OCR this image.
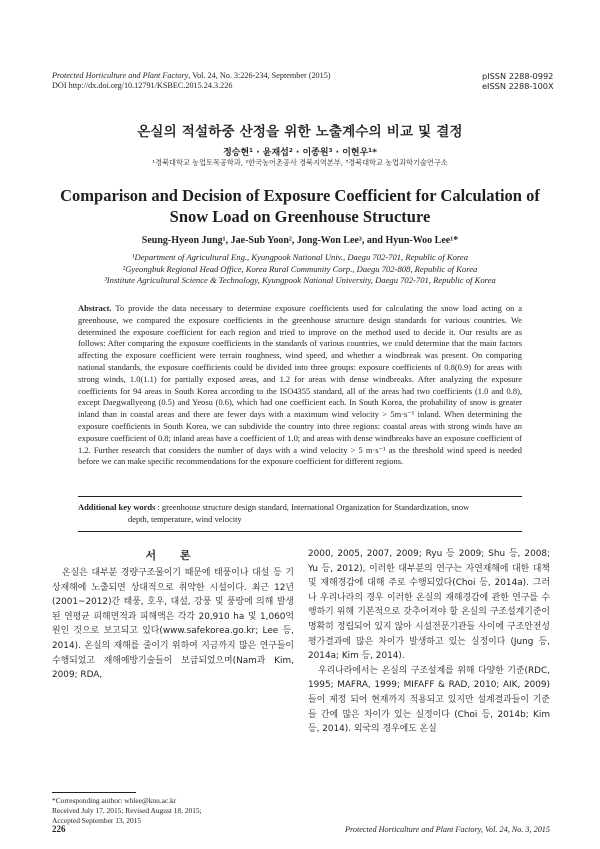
Protected Horticulture and Plant Factory, Vol. 24, No. 3:226-234, September (2015)
DOI http://dx.doi.org/10.12791/KSBEC.2015.24.3.226
pISSN 2288-0992
eISSN 2288-100X
온실의 적설하중 산정을 위한 노출계수의 비교 및 결정
정승현¹ · 윤재섭² · 이종원³ · 이현우¹*
¹경북대학교 농업토목공학과, ²한국농어촌공사 경북지역본부, ³경북대학교 농업과학기술연구소
Comparison and Decision of Exposure Coefficient for Calculation of Snow Load on Greenhouse Structure
Seung-Hyeon Jung¹, Jae-Sub Yoon², Jong-Won Lee³, and Hyun-Woo Lee¹*
¹Department of Agricultural Eng., Kyungpook National Univ., Daegu 702-701, Republic of Korea
²Gyeongbuk Regional Head Office, Korea Rural Community Corp., Daegu 702-808, Republic of Korea
³Institute Agricultural Science & Technology, Kyungpook National University, Daegu 702-701, Republic of Korea
Abstract. To provide the data necessary to determine exposure coefficients used for calculating the snow load acting on a greenhouse, we compared the exposure coefficients in the greenhouse structure design standards for various countries. We determined the exposure coefficient for each region and tried to improve on the method used to decide it. Our results are as follows: After comparing the exposure coefficients in the standards of various countries, we could determine that the main factors affecting the exposure coefficient were terrain roughness, wind speed, and whether a windbreak was present. On comparing national standards, the exposure coefficients could be divided into three groups: exposure coefficients of 0.8(0.9) for areas with strong winds, 1.0(1.1) for partially exposed areas, and 1.2 for areas with dense windbreaks. After analyzing the exposure coefficients for 94 areas in South Korea according to the ISO4355 standard, all of the areas had two coefficients (1.0 and 0.8), except Daegwallyeong (0.5) and Yeosu (0.6), which had one coefficient each. In South Korea, the probability of snow is greater inland than in coastal areas and there are fewer days with a maximum wind velocity > 5m·s⁻¹ inland. When determining the exposure coefficients in South Korea, we can subdivide the country into three regions: coastal areas with strong winds have an exposure coefficient of 0.8; inland areas have a coefficient of 1.0; and areas with dense windbreaks have an exposure coefficient of 1.2. Further research that considers the number of days with a wind velocity > 5 m·s⁻¹ as the threshold wind speed is needed before we can make specific recommendations for the exposure coefficient for different regions.
Additional key words : greenhouse structure design standard, International Organization for Standardization, snow
depth, temperature, wind velocity
서 론

온실은 대부분 경량구조물이기 때문에 태풍이나 대설 등 기상재해에 노출되면 상대적으로 취약한 시설이다. 최근 12년(2001~2012)간 태풍, 호우, 대설, 강풍 및 풍랑에 의해 발생된 연평균 피해면적과 피해액은 각각 20,910 ha 및 1,060억 원인 것으로 보고되고 있다(www.safekorea.go.kr; Lee 등, 2014). 온실의 재해를 줄이기 위하여 지금까지 많은 연구들이 수행되었고 재해예방기술들이 보급되었으며(Nam과 Kim, 2009; RDA,

2000, 2005, 2007, 2009; Ryu 등 2009; Shu 등, 2008; Yu 등, 2012), 이러한 대부분의 연구는 자연재해에 대한 대책 및 재해경감에 대해 주로 수행되었다(Choi 등, 2014a). 그러나 우리나라의 경우 이러한 온실의 재해경감에 관한 연구를 수행하기 위해 기본적으로 갖추어져야 할 온실의 구조설계기준이 명확히 정립되어 있지 않아 시설전문기관들 사이에 구조안전성 평가결과에 많은 차이가 발생하고 있는 실정이다 (Jung 등, 2014a; Kim 등, 2014).

우리나라에서는 온실의 구조설계를 위해 다양한 기준(RDC, 1995; MAFRA, 1999; MIFAFF & RAD, 2010; AIK, 2009)들이 제정 되어 현재까지 적용되고 있지만 설계결과들이 기준들 간에 많은 차이가 있는 실정이다 (Choi 등, 2014b; Kim 등, 2014). 외국의 경우에도 온실

*Corresponding author: whlee@knu.ac.kr
Received July 17, 2015; Revised August 18, 2015;
Accepted September 13, 2015
226	Protected Horticulture and Plant Factory, Vol. 24, No. 3, 2015
